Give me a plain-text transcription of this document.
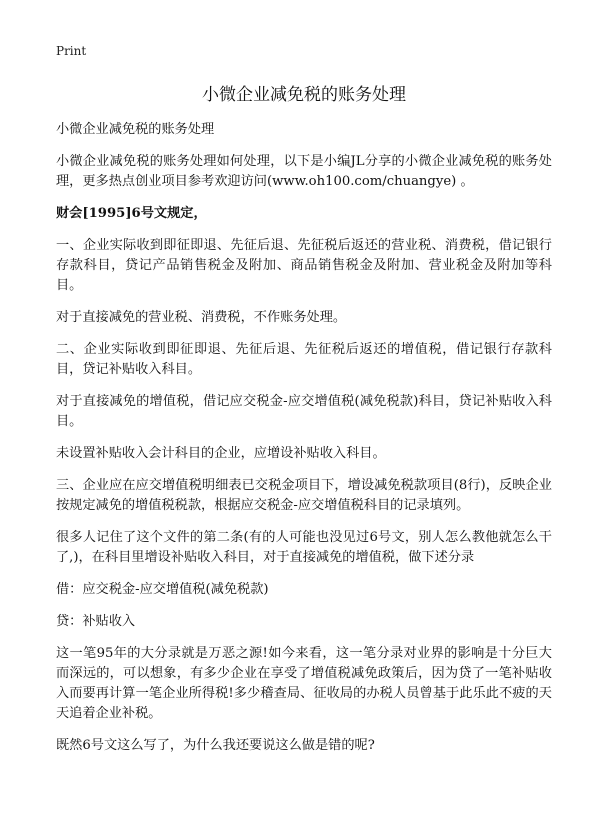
Print
小微企业减免税的账务处理

小微企业减免税的账务处理

小微企业减免税的账务处理如何处理，以下是小编JL分享的小微企业减免税的账务处理，更多热点创业项目参考欢迎访问(www.oh100.com/chuangye) 。

财会[1995]6号文规定，

一、企业实际收到即征即退、先征后退、先征税后返还的营业税、消费税，借记银行存款科目，贷记产品销售税金及附加、商品销售税金及附加、营业税金及附加等科目。

对于直接减免的营业税、消费税，不作账务处理。

二、企业实际收到即征即退、先征后退、先征税后返还的增值税，借记银行存款科目，贷记补贴收入科目。

对于直接减免的增值税，借记应交税金-应交增值税(减免税款)科目，贷记补贴收入科目。

未设置补贴收入会计科目的企业，应增设补贴收入科目。

三、企业应在应交增值税明细表已交税金项目下，增设减免税款项目(8行)，反映企业按规定减免的增值税税款，根据应交税金-应交增值税科目的记录填列。

很多人记住了这个文件的第二条(有的人可能也没见过6号文，别人怎么教他就怎么干了,)，在科目里增设补贴收入科目，对于直接减免的增值税，做下述分录

借：应交税金-应交增值税(减免税款)

贷：补贴收入

这一笔95年的大分录就是万恶之源!如今来看，这一笔分录对业界的影响是十分巨大而深远的，可以想象，有多少企业在享受了增值税减免政策后，因为贷了一笔补贴收入而要再计算一笔企业所得税!多少稽查局、征收局的办税人员曾基于此乐此不疲的天天追着企业补税。

既然6号文这么写了，为什么我还要说这么做是错的呢?
